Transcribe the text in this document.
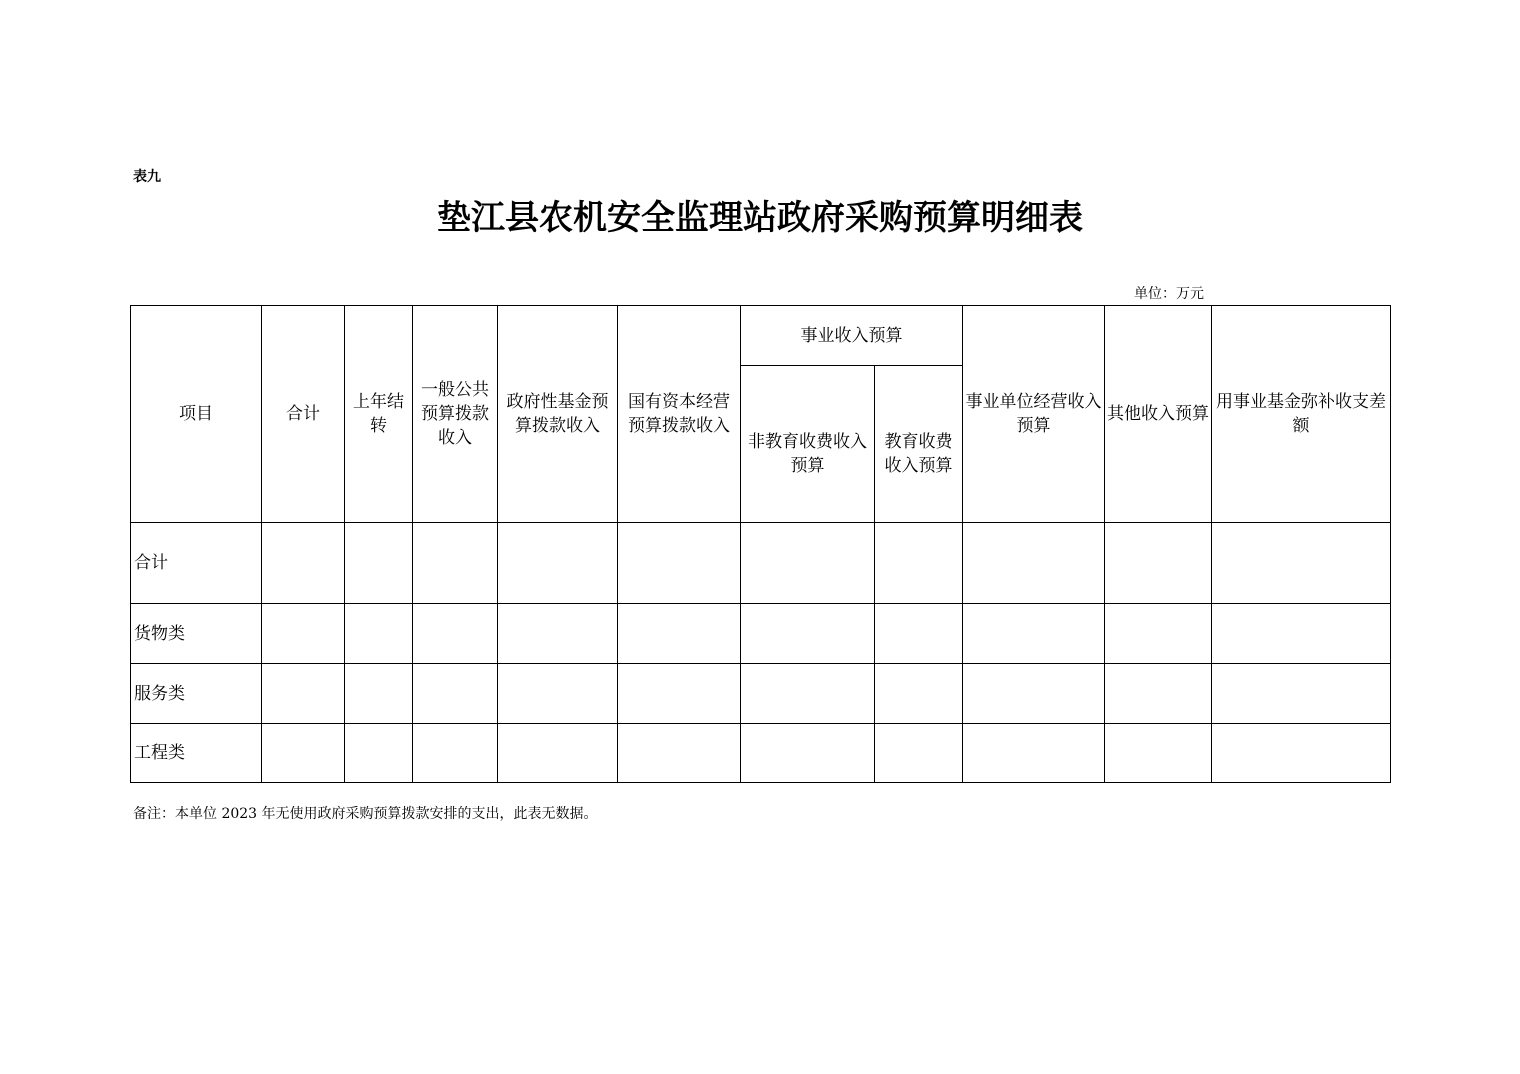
表九
垫江县农机安全监理站政府采购预算明细表
单位：万元
项目	合计	上年结转	一般公共预算拨款收入	政府性基金预算拨款收入	国有资本经营预算拨款收入	事业收入预算		事业单位经营收入预算	其他收入预算	用事业基金弥补收支差额
						非教育收费收入预算	教育收费收入预算			
合计										
货物类										
服务类										
工程类										
备注：本单位 2023 年无使用政府采购预算拨款安排的支出，此表无数据。
